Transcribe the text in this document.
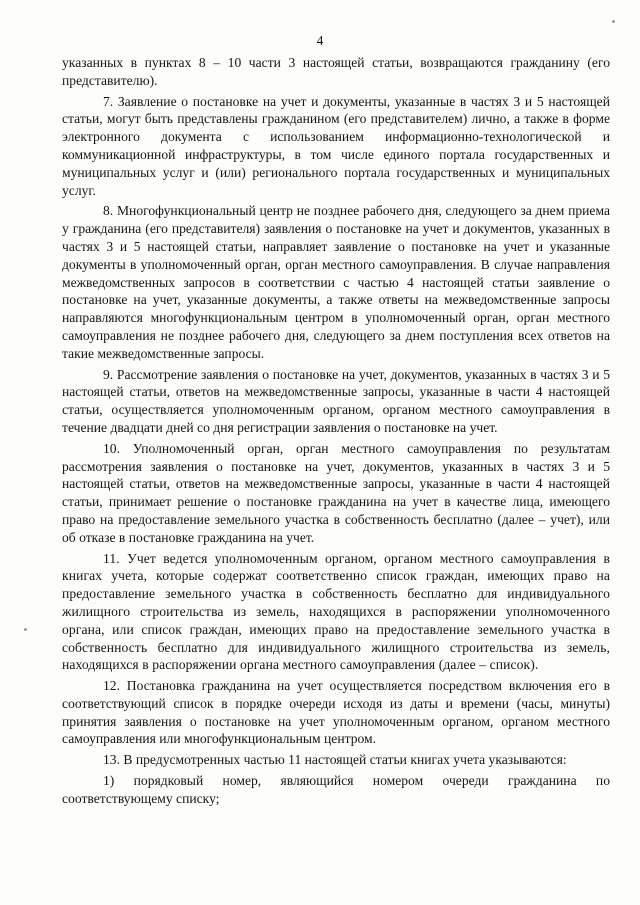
4

указанных в пунктах 8 – 10 части 3 настоящей статьи, возвращаются гражданину (его представителю).

7. Заявление о постановке на учет и документы, указанные в частях 3 и 5 настоящей статьи, могут быть представлены гражданином (его представителем) лично, а также в форме электронного документа с использованием информационно-технологической и коммуникационной инфраструктуры, в том числе единого портала государственных и муниципальных услуг и (или) регионального портала государственных и муниципальных услуг.

8. Многофункциональный центр не позднее рабочего дня, следующего за днем приема у гражданина (его представителя) заявления о постановке на учет и документов, указанных в частях 3 и 5 настоящей статьи, направляет заявление о постановке на учет и указанные документы в уполномоченный орган, орган местного самоуправления. В случае направления межведомственных запросов в соответствии с частью 4 настоящей статьи заявление о постановке на учет, указанные документы, а также ответы на межведомственные запросы направляются многофункциональным центром в уполномоченный орган, орган местного самоуправления не позднее рабочего дня, следующего за днем поступления всех ответов на такие межведомственные запросы.

9. Рассмотрение заявления о постановке на учет, документов, указанных в частях 3 и 5 настоящей статьи, ответов на межведомственные запросы, указанные в части 4 настоящей статьи, осуществляется уполномоченным органом, органом местного самоуправления в течение двадцати дней со дня регистрации заявления о постановке на учет.

10. Уполномоченный орган, орган местного самоуправления по результатам рассмотрения заявления о постановке на учет, документов, указанных в частях 3 и 5 настоящей статьи, ответов на межведомственные запросы, указанные в части 4 настоящей статьи, принимает решение о постановке гражданина на учет в качестве лица, имеющего право на предоставление земельного участка в собственность бесплатно (далее – учет), или об отказе в постановке гражданина на учет.

11. Учет ведется уполномоченным органом, органом местного самоуправления в книгах учета, которые содержат соответственно список граждан, имеющих право на предоставление земельного участка в собственность бесплатно для индивидуального жилищного строительства из земель, находящихся в распоряжении уполномоченного органа, или список граждан, имеющих право на предоставление земельного участка в собственность бесплатно для индивидуального жилищного строительства из земель, находящихся в распоряжении органа местного самоуправления (далее – список).

12. Постановка гражданина на учет осуществляется посредством включения его в соответствующий список в порядке очереди исходя из даты и времени (часы, минуты) принятия заявления о постановке на учет уполномоченным органом, органом местного самоуправления или многофункциональным центром.

13. В предусмотренных частью 11 настоящей статьи книгах учета указываются:

1) порядковый номер, являющийся номером очереди гражданина по соответствующему списку;
